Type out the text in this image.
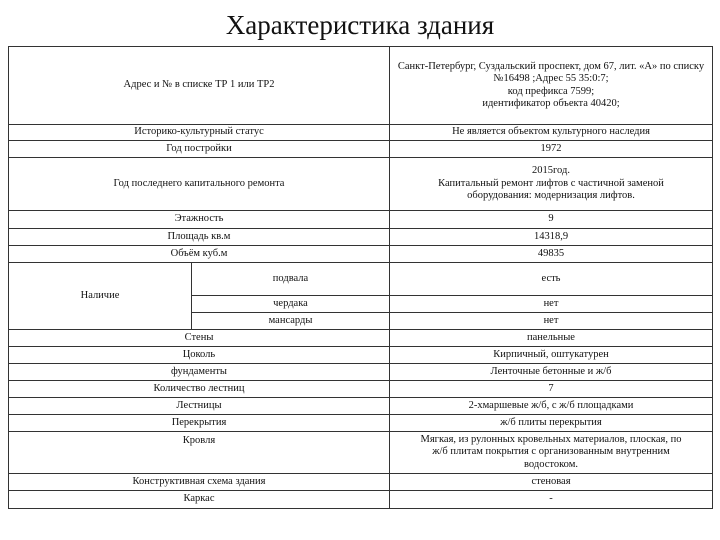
Характеристика здания
Адрес и № в списке ТР 1 или ТР2		Санкт-Петербург, Суздальский проспект, дом 67, лит. «А» по списку
№16498 ;Адрес 55 35:0:7;
код префикса 7599;
идентификатор объекта 40420;

Историко-культурный статус		Не является объектом культурного наследия
Год постройки		1972
Год последнего капитального ремонта		2015год.
Капитальный ремонт лифтов с частичной заменой
оборудования: модернизация лифтов.

Этажность		9
Площадь кв.м		14318,9
Объём куб.м		49835
Наличие	подвала	есть
	чердака	нет
	мансарды	нет
Стены		панельные
Цоколь		Кирпичный, оштукатурен
фундаменты		Ленточные бетонные и ж/б
Количество лестниц		7
Лестницы		2-хмаршевые ж/б, с ж/б площадками
Перекрытия		ж/б плиты перекрытия
Кровля		Мягкая, из рулонных кровельных материалов, плоская, по
ж/б плитам покрытия с организованным внутренним
водостоком.

Конструктивная схема здания		стеновая
Каркас		-
